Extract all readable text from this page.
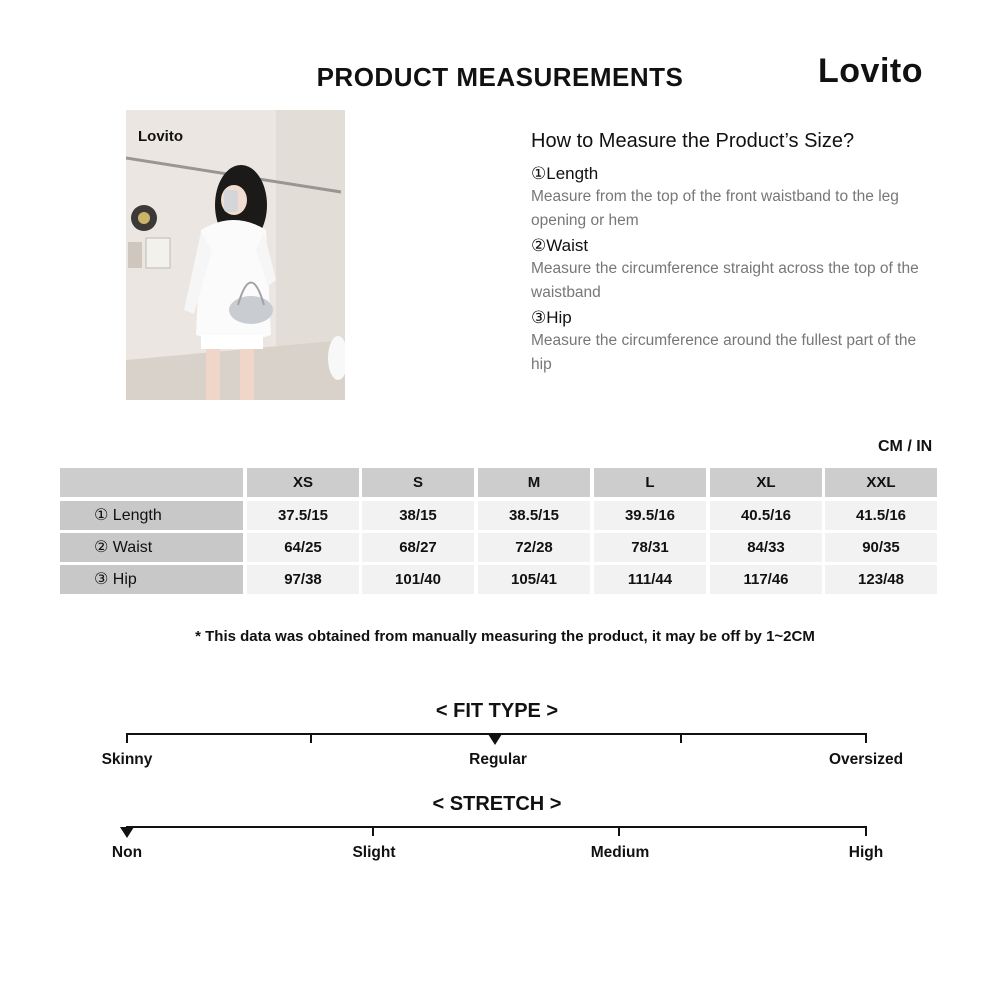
PRODUCT MEASUREMENTS	Lovito
Lovito	How to Measure the Product’s Size?
①Length
Measure from the top of the front waistband to the leg opening or hem
②Waist
Measure the circumference straight across the top of the waistband
③Hip
Measure the circumference around the fullest part of the hip
CM / IN
XS	S	M	L	XL	XXL
① Length	37.5/15	38/15	38.5/15	39.5/16	40.5/16	41.5/16
② Waist	64/25	68/27	72/28	78/31	84/33	90/35
③ Hip	97/38	101/40	105/41	111/44	117/46	123/48
* This data was obtained from manually measuring the product, it may be off by 1~2CM
< FIT TYPE >
Skinny	Regular	Oversized
< STRETCH >
Non	Slight	Medium	High
